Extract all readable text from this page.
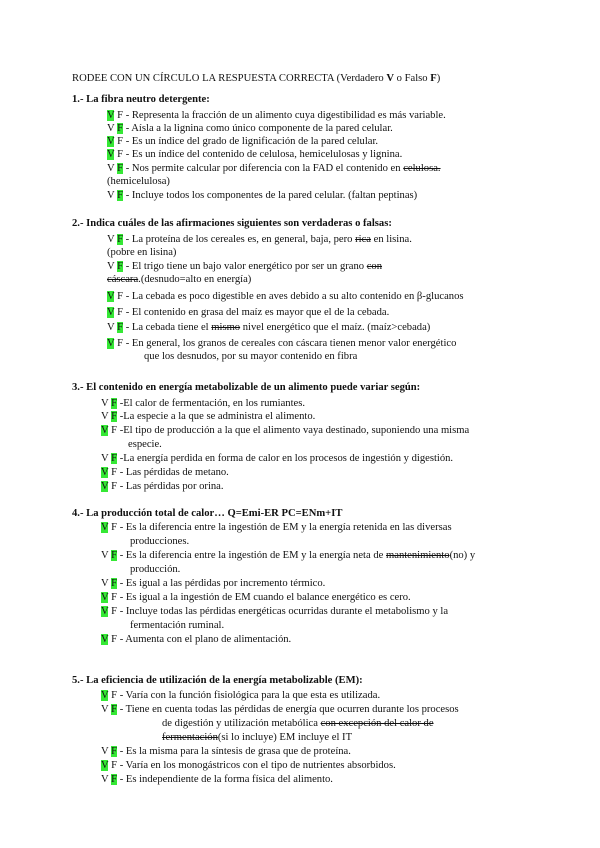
RODEE CON UN CÍRCULO LA RESPUESTA CORRECTA (Verdadero V o Falso F)
1.- La fibra neutro detergente:
V F - Representa la fracción de un alimento cuya digestibilidad es más variable.
V F - Aísla a la lignina como único componente de la pared celular.
V F - Es un índice del grado de lignificación de la pared celular.
V F - Es un índice del contenido de celulosa, hemicelulosas y lignina.
V F - Nos permite calcular por diferencia con la FAD el contenido en celulosa.
(hemicelulosa)
V F - Incluye todos los componentes de la pared celular. (faltan peptinas)
2.- Indica cuáles de las afirmaciones siguientes son verdaderas o falsas:
V F - La proteína de los cereales es, en general, baja, pero rica en lisina.
(pobre en lisina)
V F - El trigo tiene un bajo valor energético por ser un grano con
cáscara.(desnudo=alto en energía)
V F - La cebada es poco digestible en aves debido a su alto contenido en β-glucanos
V F - El contenido en grasa del maíz es mayor que el de la cebada.
V F - La cebada tiene el mismo nivel energético que el maíz. (maíz>cebada)
V F - En general, los granos de cereales con cáscara tienen menor valor energético
que los desnudos, por su mayor contenido en fibra
3.- El contenido en energía metabolizable de un alimento puede variar según:
V F -El calor de fermentación, en los rumiantes.
V F -La especie a la que se administra el alimento.
V F -El tipo de producción a la que el alimento vaya destinado, suponiendo una misma
especie.
V F -La energía perdida en forma de calor en los procesos de ingestión y digestión.
V F - Las pérdidas de metano.
V F - Las pérdidas por orina.
4.- La producción total de calor… Q=Emi-ER PC=ENm+IT
V F - Es la diferencia entre la ingestión de EM y la energía retenida en las diversas
producciones.
V F - Es la diferencia entre la ingestión de EM y la energía neta de mantenimiento(no) y
producción.
V F - Es igual a las pérdidas por incremento térmico.
V F - Es igual a la ingestión de EM cuando el balance energético es cero.
V F - Incluye todas las pérdidas energéticas ocurridas durante el metabolismo y la
fermentación ruminal.
V F - Aumenta con el plano de alimentación.
5.- La eficiencia de utilización de la energía metabolizable (EM):
V F - Varía con la función fisiológica para la que esta es utilizada.
V F - Tiene en cuenta todas las pérdidas de energía que ocurren durante los procesos
de digestión y utilización metabólica con excepción del calor de
fermentación(si lo incluye) EM incluye el IT
V F - Es la misma para la síntesis de grasa que de proteína.
V F - Varía en los monogástricos con el tipo de nutrientes absorbidos.
V F - Es independiente de la forma física del alimento.
